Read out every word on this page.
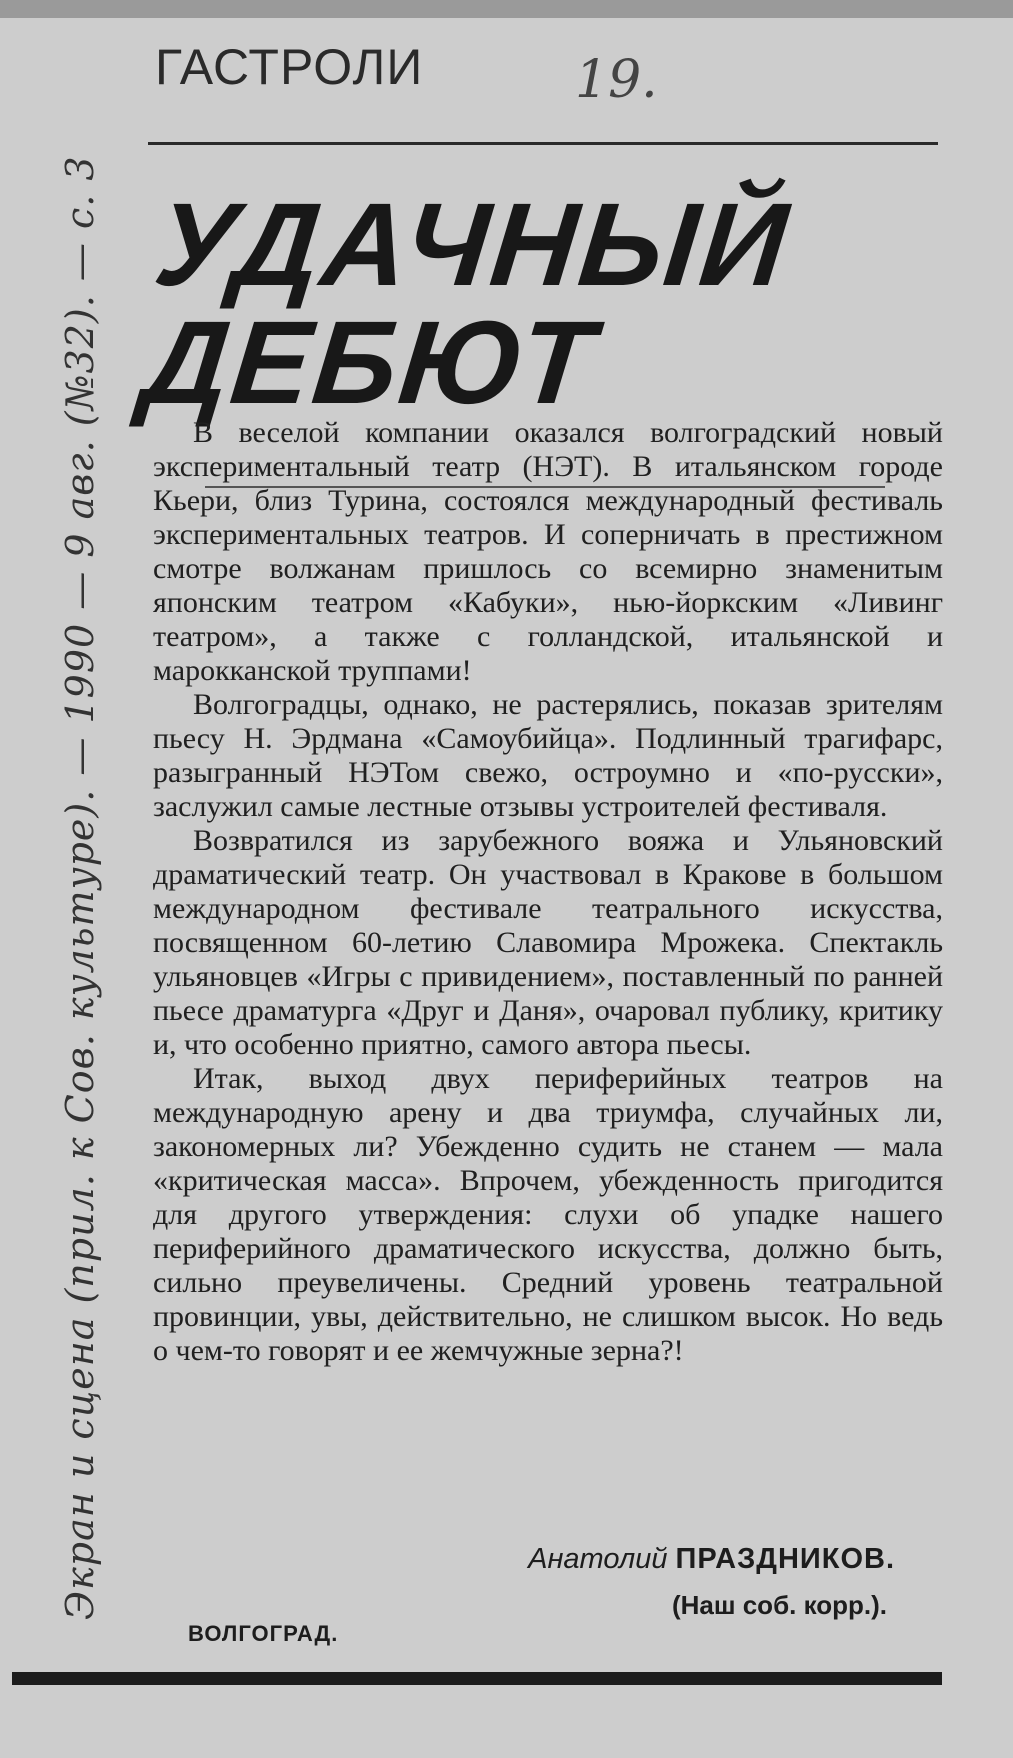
Экран и сцена (прил. к Сов. культуре). — 1990 — 9 авг. (№32). — с. 3
ГАСТРОЛИ	19.
УДАЧНЫЙ
ДЕБЮТ

В веселой компании оказался волгоградский новый экспериментальный театр (НЭТ). В итальянском городе Кьери, близ Турина, состоялся международный фестиваль экспериментальных театров. И соперничать в престижном смотре волжанам пришлось со всемирно знаменитым японским театром «Кабуки», нью-йоркским «Ливинг театром», а также с голландской, итальянской и марокканской труппами!

Волгоградцы, однако, не растерялись, показав зрителям пьесу Н. Эрдмана «Самоубийца». Подлинный трагифарс, разыгранный НЭТом свежо, остроумно и «по-русски», заслужил самые лестные отзывы устроителей фестиваля.

Возвратился из зарубежного вояжа и Ульяновский драматический театр. Он участвовал в Кракове в большом международном фестивале театрального искусства, посвященном 60-летию Славомира Мрожека. Спектакль ульяновцев «Игры с привидением», поставленный по ранней пьесе драматурга «Друг и Даня», очаровал публику, критику и, что особенно приятно, самого автора пьесы.

Итак, выход двух периферийных театров на международную арену и два триумфа, случайных ли, закономерных ли? Убежденно судить не станем — мала «критическая масса». Впрочем, убежденность пригодится для другого утверждения: слухи об упадке нашего периферийного драматического искусства, должно быть, сильно преувеличены. Средний уровень театральной провинции, увы, действительно, не слишком высок. Но ведь о чем-то говорят и ее жемчужные зерна?!

Анатолий ПРАЗДНИКОВ.
(Наш соб. корр.).
ВОЛГОГРАД.
